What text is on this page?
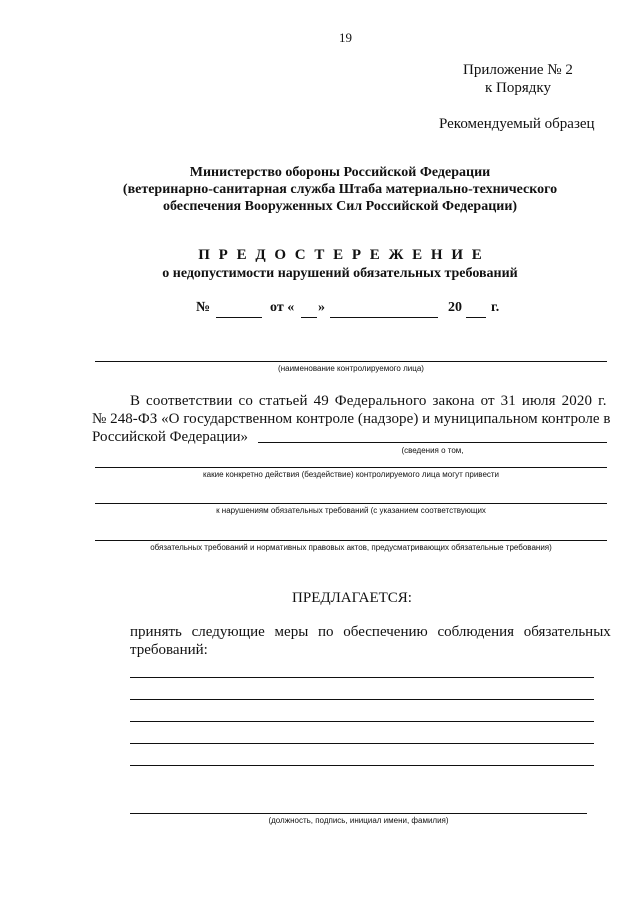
19
Приложение № 2
к Порядку
Рекомендуемый образец
Министерство обороны Российской Федерации
(ветеринарно-санитарная служба Штаба материально-технического
обеспечения Вооруженных Сил Российской Федерации)
П Р Е Д О С Т Е Р Е Ж Е Н И Е
о недопустимости нарушений обязательных требований
№	от « »	20 г.
(наименование контролируемого лица)
В соответствии со статьей 49 Федерального закона от 31 июля 2020 г.
№ 248-ФЗ «О государственном контроле (надзоре) и муниципальном контроле в
Российской Федерации»
(сведения о том,
какие конкретно действия (бездействие) контролируемого лица могут привести
к нарушениям обязательных требований (с указанием соответствующих
обязательных требований и нормативных правовых актов, предусматривающих обязательные требования)
ПРЕДЛАГАЕТСЯ:
принять следующие меры по обеспечению соблюдения обязательных
требований:
(должность, подпись, инициал имени, фамилия)
